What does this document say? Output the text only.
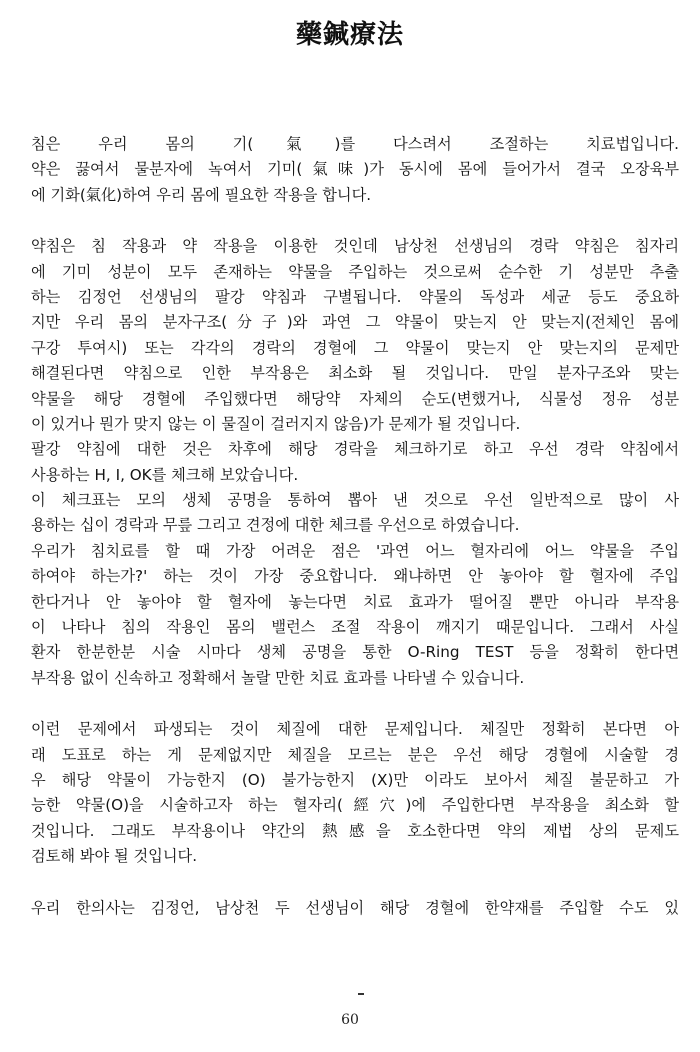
藥鍼療法
침은 우리 몸의 기(氣)를 다스려서 조절하는 치료법입니다.
약은 끓여서 물분자에 녹여서 기미(氣味)가 동시에 몸에 들어가서 결국 오장육부
에 기화(氣化)하여 우리 몸에 필요한 작용을 합니다.
약침은 침 작용과 약 작용을 이용한 것인데 남상천 선생님의 경락 약침은 침자리
에 기미 성분이 모두 존재하는 약물을 주입하는 것으로써 순수한 기 성분만 추출
하는 김정언 선생님의 팔강 약침과 구별됩니다. 약물의 독성과 세균 등도 중요하
지만 우리 몸의 분자구조(分子)와 과연 그 약물이 맞는지 안 맞는지(전체인 몸에
구강 투여시) 또는 각각의 경락의 경혈에 그 약물이 맞는지 안 맞는지의 문제만
해결된다면 약침으로 인한 부작용은 최소화 될 것입니다. 만일 분자구조와 맞는
약물을 해당 경혈에 주입했다면 해당약 자체의 순도(변했거나, 식물성 정유 성분
이 있거나 뭔가 맞지 않는 이 물질이 걸러지지 않음)가 문제가 될 것입니다.
팔강 약침에 대한 것은 차후에 해당 경락을 체크하기로 하고 우선 경락 약침에서
사용하는 H, I, OK를 체크해 보았습니다.
이 체크표는 모의 생체 공명을 통하여 뽑아 낸 것으로 우선 일반적으로 많이 사
용하는 십이 경락과 무릎 그리고 견정에 대한 체크를 우선으로 하였습니다.
우리가 침치료를 할 때 가장 어려운 점은 '과연 어느 혈자리에 어느 약물을 주입
하여야 하는가?' 하는 것이 가장 중요합니다. 왜냐하면 안 놓아야 할 혈자에 주입
한다거나 안 놓아야 할 혈자에 놓는다면 치료 효과가 떨어질 뿐만 아니라 부작용
이 나타나 침의 작용인 몸의 밸런스 조절 작용이 깨지기 때문입니다. 그래서 사실
환자 한분한분 시술 시마다 생체 공명을 통한 O-Ring TEST 등을 정확히 한다면
부작용 없이 신속하고 정확해서 놀랄 만한 치료 효과를 나타낼 수 있습니다.
이런 문제에서 파생되는 것이 체질에 대한 문제입니다. 체질만 정확히 본다면 아
래 도표로 하는 게 문제없지만 체질을 모르는 분은 우선 해당 경혈에 시술할 경
우 해당 약물이 가능한지 (O) 불가능한지 (X)만 이라도 보아서 체질 불문하고 가
능한 약물(O)을 시술하고자 하는 혈자리(經穴)에 주입한다면 부작용을 최소화 할
것입니다. 그래도 부작용이나 약간의 熱感을 호소한다면 약의 제법 상의 문제도
검토해 봐야 될 것입니다.
우리 한의사는 김정언, 남상천 두 선생님이 해당 경혈에 한약재를 주입할 수도 있
60
